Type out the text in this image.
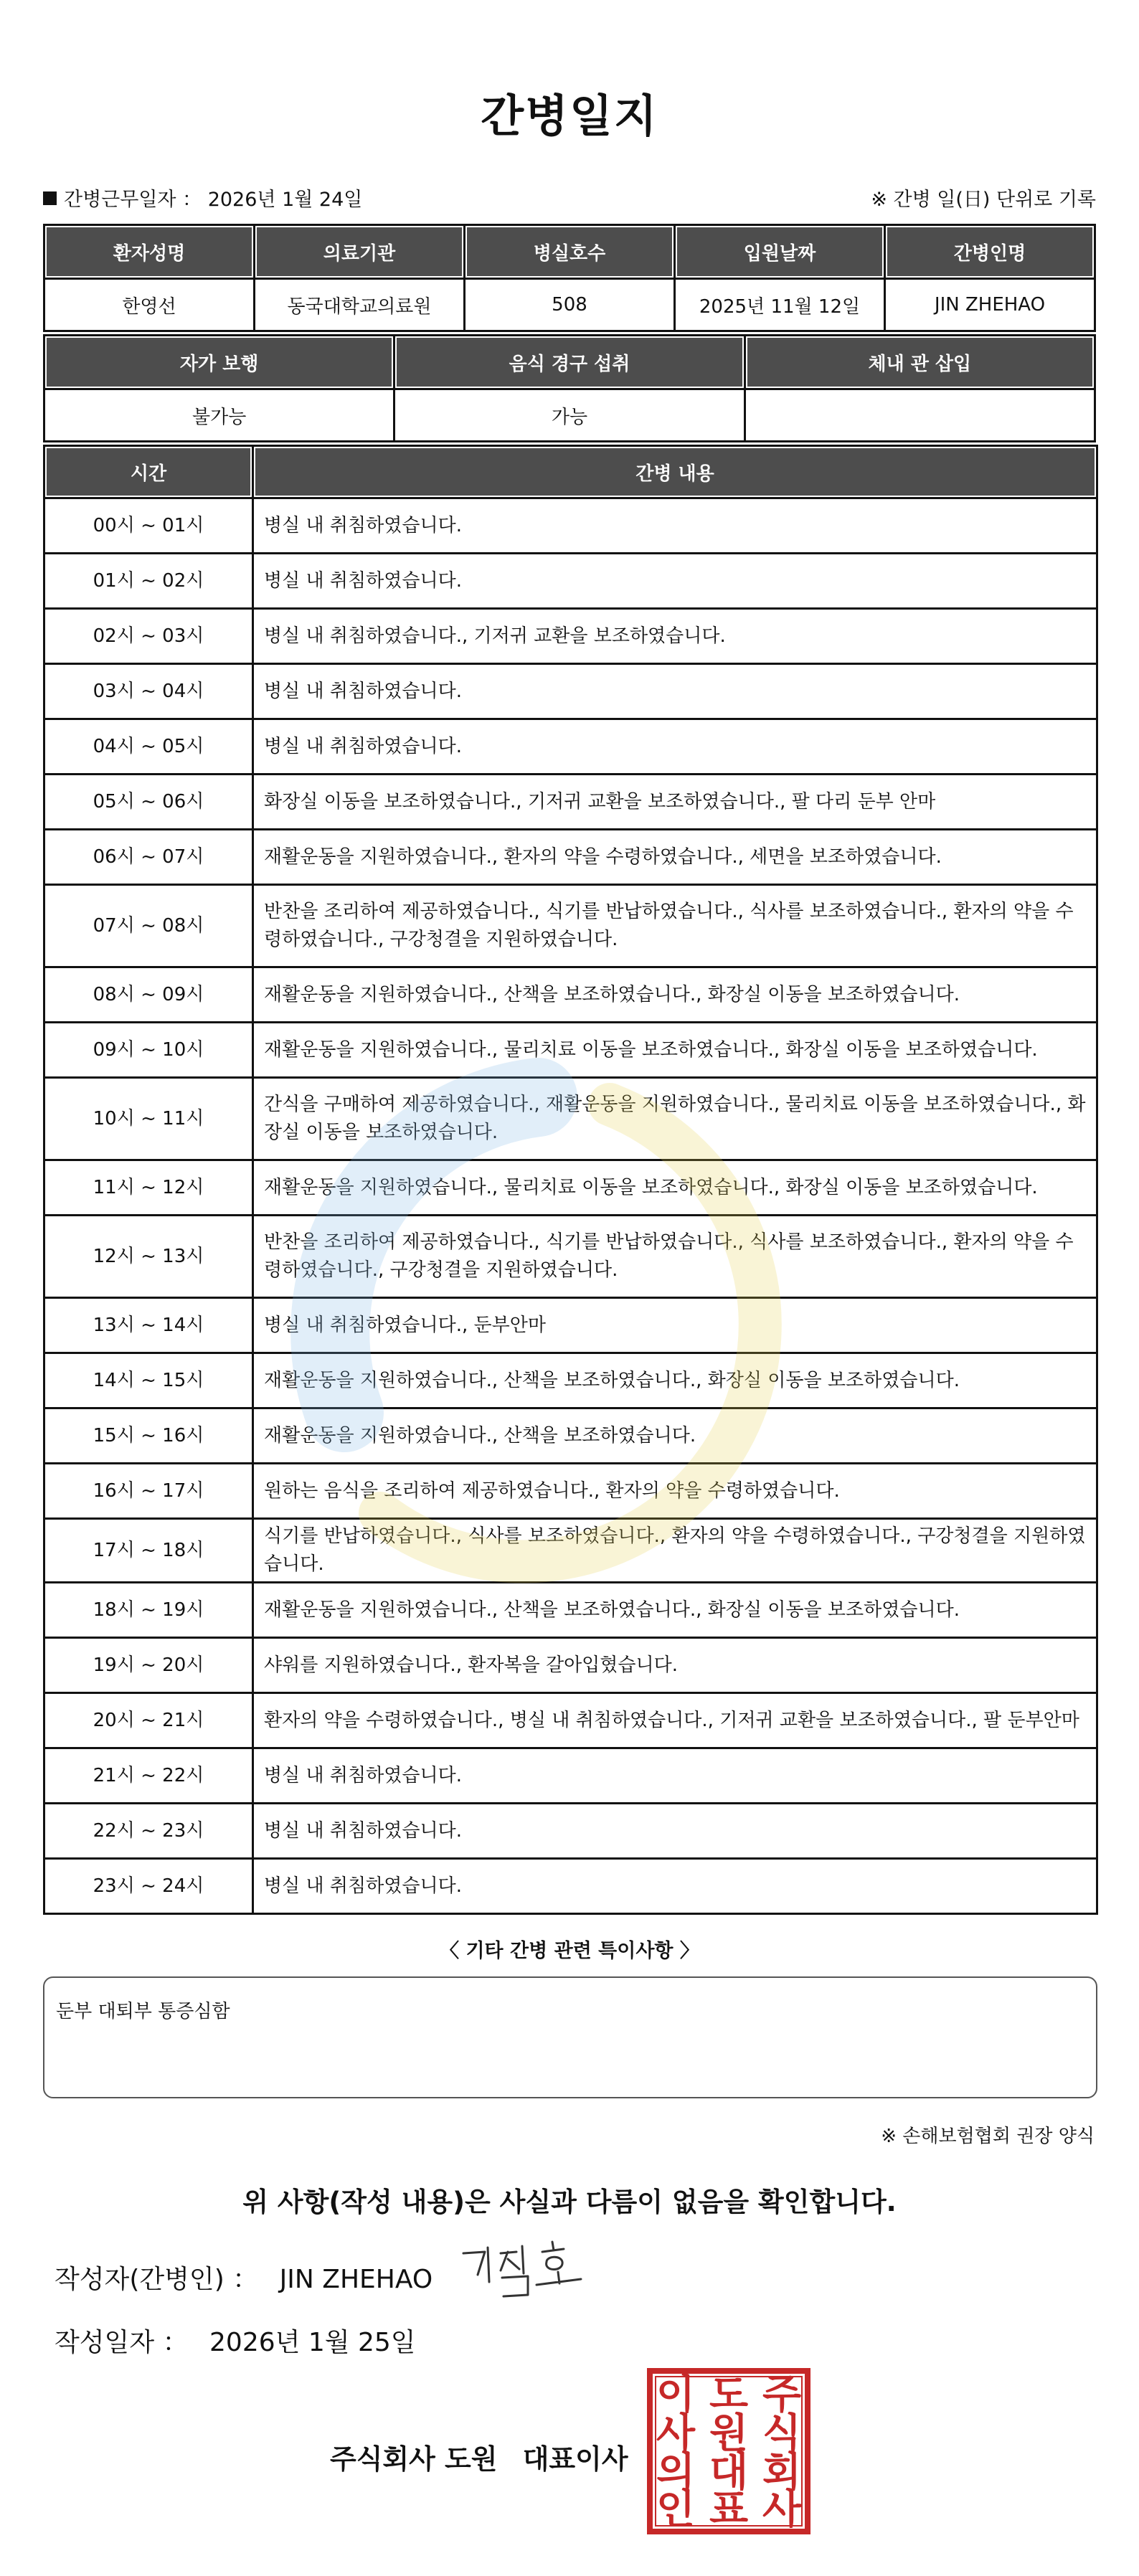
간병일지
간병근무일자 ： 2026년 1월 24일	※ 간병 일(日) 단위로 기록
환자성명	의료기관	병실호수	입원날짜	간병인명
한영선	동국대학교의료원	508	2025년 11월 12일	JIN ZHEHAO
자가 보행	음식 경구 섭취	체내 관 삽입
불가능	가능	
시간	간병 내용
00시 ~ 01시	병실 내 취침하였습니다.
01시 ~ 02시	병실 내 취침하였습니다.
02시 ~ 03시	병실 내 취침하였습니다., 기저귀 교환을 보조하였습니다.
03시 ~ 04시	병실 내 취침하였습니다.
04시 ~ 05시	병실 내 취침하였습니다.
05시 ~ 06시	화장실 이동을 보조하였습니다., 기저귀 교환을 보조하였습니다., 팔 다리 둔부 안마
06시 ~ 07시	재활운동을 지원하였습니다., 환자의 약을 수령하였습니다., 세면을 보조하였습니다.
07시 ~ 08시	반찬을 조리하여 제공하였습니다., 식기를 반납하였습니다., 식사를 보조하였습니다., 환자의 약을 수령하였습니다., 구강청결을 지원하였습니다.
08시 ~ 09시	재활운동을 지원하였습니다., 산책을 보조하였습니다., 화장실 이동을 보조하였습니다.
09시 ~ 10시	재활운동을 지원하였습니다., 물리치료 이동을 보조하였습니다., 화장실 이동을 보조하였습니다.
10시 ~ 11시	간식을 구매하여 제공하였습니다., 재활운동을 지원하였습니다., 물리치료 이동을 보조하였습니다., 화장실 이동을 보조하였습니다.
11시 ~ 12시	재활운동을 지원하였습니다., 물리치료 이동을 보조하였습니다., 화장실 이동을 보조하였습니다.
12시 ~ 13시	반찬을 조리하여 제공하였습니다., 식기를 반납하였습니다., 식사를 보조하였습니다., 환자의 약을 수령하였습니다., 구강청결을 지원하였습니다.
13시 ~ 14시	병실 내 취침하였습니다., 둔부안마
14시 ~ 15시	재활운동을 지원하였습니다., 산책을 보조하였습니다., 화장실 이동을 보조하였습니다.
15시 ~ 16시	재활운동을 지원하였습니다., 산책을 보조하였습니다.
16시 ~ 17시	원하는 음식을 조리하여 제공하였습니다., 환자의 약을 수령하였습니다.
17시 ~ 18시	식기를 반납하였습니다., 식사를 보조하였습니다., 환자의 약을 수령하였습니다., 구강청결을 지원하였습니다.
18시 ~ 19시	재활운동을 지원하였습니다., 산책을 보조하였습니다., 화장실 이동을 보조하였습니다.
19시 ~ 20시	샤워를 지원하였습니다., 환자복을 갈아입혔습니다.
20시 ~ 21시	환자의 약을 수령하였습니다., 병실 내 취침하였습니다., 기저귀 교환을 보조하였습니다., 팔 둔부안마
21시 ~ 22시	병실 내 취침하였습니다.
22시 ~ 23시	병실 내 취침하였습니다.
23시 ~ 24시	병실 내 취침하였습니다.
〈 기타 간병 관련 특이사항 〉
둔부 대퇴부 통증심함
※ 손해보험협회 권장 양식
위 사항(작성 내용)은 사실과 다름이 없음을 확인합니다.
작성자(간병인) ： JIN ZHEHAO
작성일자 ： 2026년 1월 25일
주식회사 도원 대표이사
주
식
회
사
도
원
대
표
이
사
의
인
